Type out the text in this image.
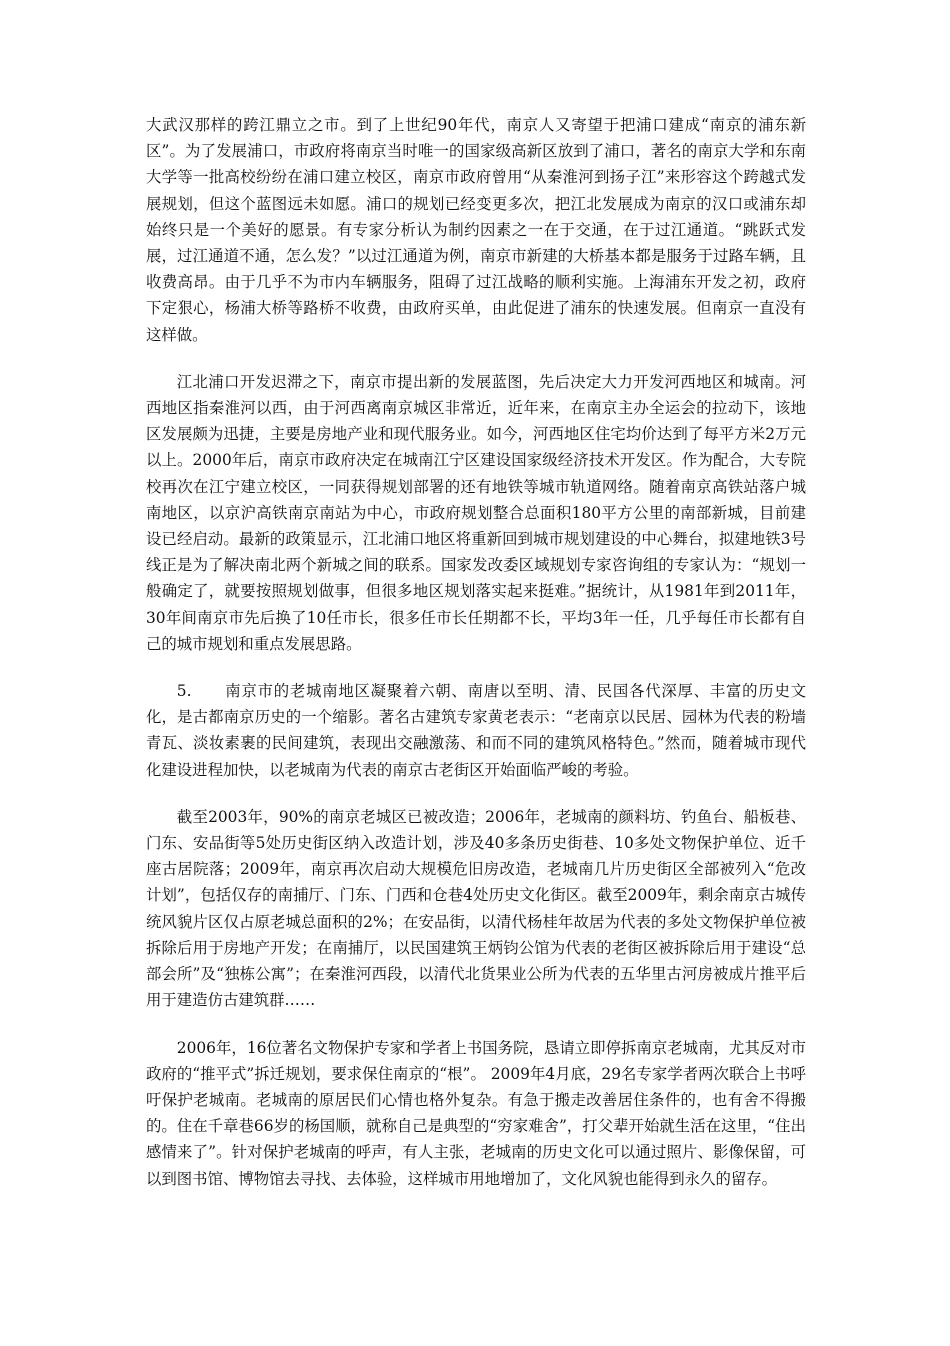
大武汉那样的跨江鼎立之市。到了上世纪90年代，南京人又寄望于把浦口建成“南京的浦东新区”。为了发展浦口，市政府将南京当时唯一的国家级高新区放到了浦口，著名的南京大学和东南大学等一批高校纷纷在浦口建立校区，南京市政府曾用“从秦淮河到扬子江”来形容这个跨越式发展规划，但这个蓝图远未如愿。浦口的规划已经变更多次，把江北发展成为南京的汉口或浦东却始终只是一个美好的愿景。有专家分析认为制约因素之一在于交通，在于过江通道。“跳跃式发展，过江通道不通，怎么发？”以过江通道为例，南京市新建的大桥基本都是服务于过路车辆，且收费高昂。由于几乎不为市内车辆服务，阻碍了过江战略的顺利实施。上海浦东开发之初，政府下定狠心，杨浦大桥等路桥不收费，由政府买单，由此促进了浦东的快速发展。但南京一直没有这样做。

江北浦口开发迟滞之下，南京市提出新的发展蓝图，先后决定大力开发河西地区和城南。河西地区指秦淮河以西，由于河西离南京城区非常近，近年来，在南京主办全运会的拉动下，该地区发展颇为迅捷，主要是房地产业和现代服务业。如今，河西地区住宅均价达到了每平方米2万元以上。2000年后，南京市政府决定在城南江宁区建设国家级经济技术开发区。作为配合，大专院校再次在江宁建立校区，一同获得规划部署的还有地铁等城市轨道网络。随着南京高铁站落户城南地区，以京沪高铁南京南站为中心，市政府规划整合总面积180平方公里的南部新城，目前建设已经启动。最新的政策显示，江北浦口地区将重新回到城市规划建设的中心舞台，拟建地铁3号线正是为了解决南北两个新城之间的联系。国家发改委区域规划专家咨询组的专家认为：“规划一般确定了，就要按照规划做事，但很多地区规划落实起来挺难。”据统计，从1981年到2011年，30年间南京市先后换了10任市长，很多任市长任期都不长，平均3年一任，几乎每任市长都有自己的城市规划和重点发展思路。

5. 南京市的老城南地区凝聚着六朝、南唐以至明、清、民国各代深厚、丰富的历史文化，是古都南京历史的一个缩影。著名古建筑专家黄老表示：“老南京以民居、园林为代表的粉墙青瓦、淡妆素裹的民间建筑，表现出交融激荡、和而不同的建筑风格特色。”然而，随着城市现代化建设进程加快，以老城南为代表的南京古老街区开始面临严峻的考验。

截至2003年，90%的南京老城区已被改造；2006年，老城南的颜料坊、钓鱼台、船板巷、门东、安品街等5处历史街区纳入改造计划，涉及40多条历史街巷、10多处文物保护单位、近千座古居院落；2009年，南京再次启动大规模危旧房改造，老城南几片历史街区全部被列入“危改计划”，包括仅存的南捕厅、门东、门西和仓巷4处历史文化街区。截至2009年，剩余南京古城传统风貌片区仅占原老城总面积的2%；在安品街，以清代杨桂年故居为代表的多处文物保护单位被拆除后用于房地产开发；在南捕厅，以民国建筑王炳钧公馆为代表的老街区被拆除后用于建设“总部会所”及“独栋公寓”；在秦淮河西段，以清代北货果业公所为代表的五华里古河房被成片推平后用于建造仿古建筑群……

2006年，16位著名文物保护专家和学者上书国务院，恳请立即停拆南京老城南，尤其反对市政府的“推平式”拆迁规划，要求保住南京的“根”。 2009年4月底，29名专家学者两次联合上书呼吁保护老城南。老城南的原居民们心情也格外复杂。有急于搬走改善居住条件的，也有舍不得搬的。住在千章巷66岁的杨国顺，就称自己是典型的“穷家难舍”，打父辈开始就生活在这里，“住出感情来了”。针对保护老城南的呼声，有人主张，老城南的历史文化可以通过照片、影像保留，可以到图书馆、博物馆去寻找、去体验，这样城市用地增加了，文化风貌也能得到永久的留存。
